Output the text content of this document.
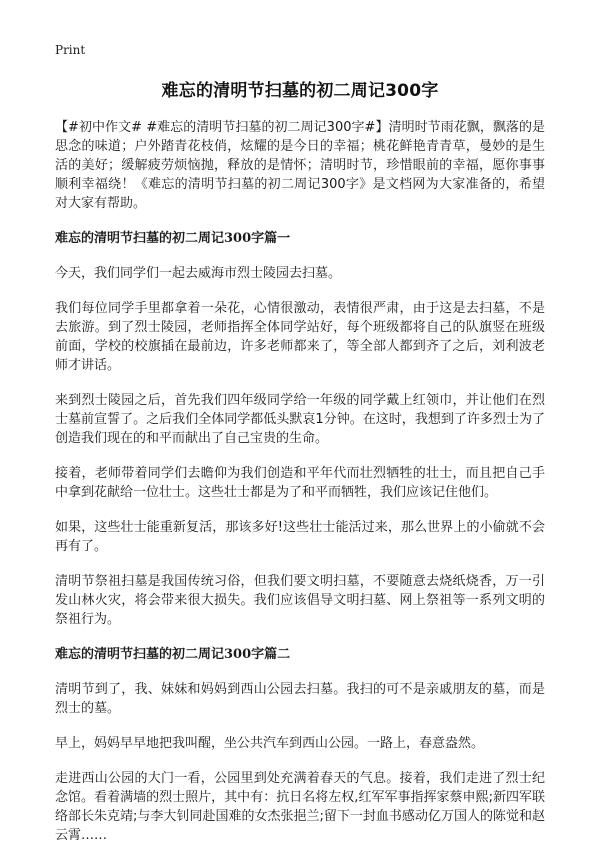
Print
难忘的清明节扫墓的初二周记300字

【#初中作文# #难忘的清明节扫墓的初二周记300字#】清明时节雨花飘，飘落的是思念的味道；户外踏青花枝俏，炫耀的是今日的幸福；桃花鲜艳青青草，曼妙的是生活的美好；缓解疲劳烦恼抛，释放的是情怀；清明时节，珍惜眼前的幸福，愿你事事顺利幸福绕！《难忘的清明节扫墓的初二周记300字》是文档网为大家准备的，希望对大家有帮助。

难忘的清明节扫墓的初二周记300字篇一

今天，我们同学们一起去威海市烈士陵园去扫墓。

我们每位同学手里都拿着一朵花，心情很激动，表情很严肃，由于这是去扫墓，不是去旅游。到了烈士陵园，老师指挥全体同学站好，每个班级都将自己的队旗竖在班级前面，学校的校旗插在最前边，许多老师都来了，等全部人都到齐了之后，刘利波老师才讲话。

来到烈士陵园之后，首先我们四年级同学给一年级的同学戴上红领巾，并让他们在烈士墓前宣誓了。之后我们全体同学都低头默哀1分钟。在这时，我想到了许多烈士为了创造我们现在的和平而献出了自己宝贵的生命。

接着，老师带着同学们去瞻仰为我们创造和平年代而壮烈牺牲的壮士，而且把自己手中拿到花献给一位壮士。这些壮士都是为了和平而牺牲，我们应该记住他们。

如果，这些壮士能重新复活，那该多好!这些壮士能活过来，那么世界上的小偷就不会再有了。

清明节祭祖扫墓是我国传统习俗，但我们要文明扫墓，不要随意去烧纸烧香，万一引发山林火灾，将会带来很大损失。我们应该倡导文明扫墓、网上祭祖等一系列文明的祭祖行为。

难忘的清明节扫墓的初二周记300字篇二

清明节到了，我、妹妹和妈妈到西山公园去扫墓。我扫的可不是亲戚朋友的墓，而是烈士的墓。

早上，妈妈早早地把我叫醒，坐公共汽车到西山公园。一路上，春意盎然。

走进西山公园的大门一看，公园里到处充满着春天的气息。接着，我们走进了烈士纪念馆。看着满墙的烈士照片，其中有：抗日名将左权,红军军事指挥家蔡申熙;新四军联络部长朱克靖;与李大钊同赴国难的女杰张挹兰;留下一封血书感动亿万国人的陈觉和赵云霄……
